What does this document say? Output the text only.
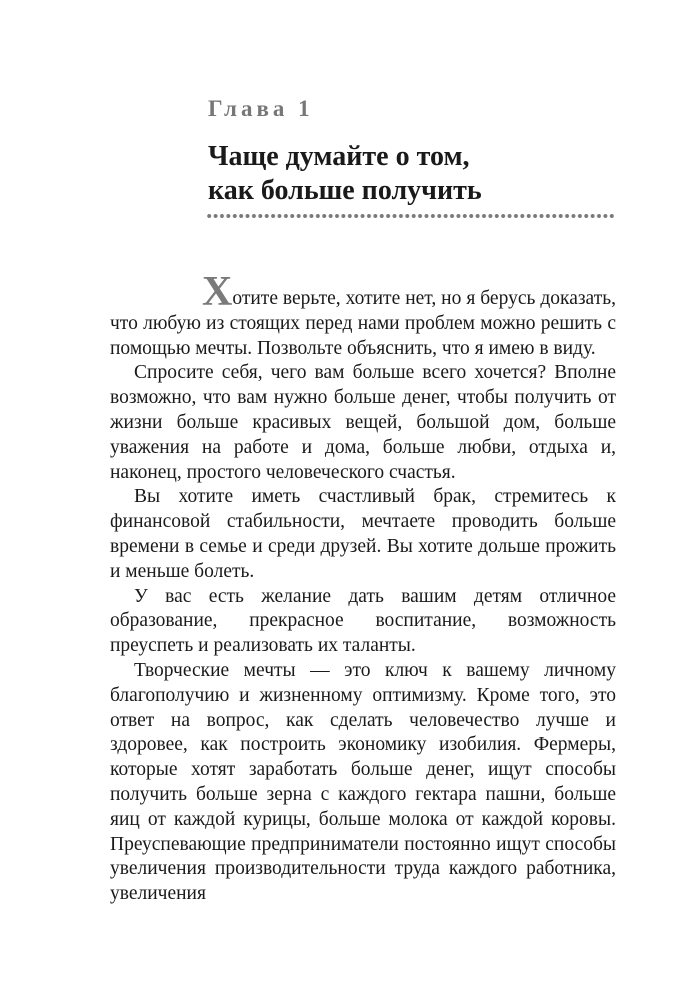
Глава 1
Чаще думайте о том,
как больше получить

Хотите верьте, хотите нет, но я берусь доказать, что любую из стоящих перед нами проблем можно решить с помощью мечты. Позвольте объяснить, что я имею в виду.

Спросите себя, чего вам больше всего хочется? Вполне возможно, что вам нужно больше денег, чтобы получить от жизни больше красивых вещей, большой дом, больше уважения на работе и дома, больше любви, отдыха и, наконец, простого человеческого счастья.

Вы хотите иметь счастливый брак, стремитесь к финансовой стабильности, мечтаете проводить больше времени в семье и среди друзей. Вы хотите дольше прожить и меньше болеть.

У вас есть желание дать вашим детям отличное образование, прекрасное воспитание, возможность преуспеть и реализовать их таланты.

Творческие мечты — это ключ к вашему личному благополучию и жизненному оптимизму. Кроме того, это ответ на вопрос, как сделать человечество лучше и здоровее, как построить экономику изобилия. Фермеры, которые хотят заработать больше денег, ищут способы получить больше зерна с каждого гектара пашни, больше яиц от каждой курицы, больше молока от каждой коровы. Преуспевающие предприниматели постоянно ищут способы увеличения производительности труда каждого работника, увеличения
